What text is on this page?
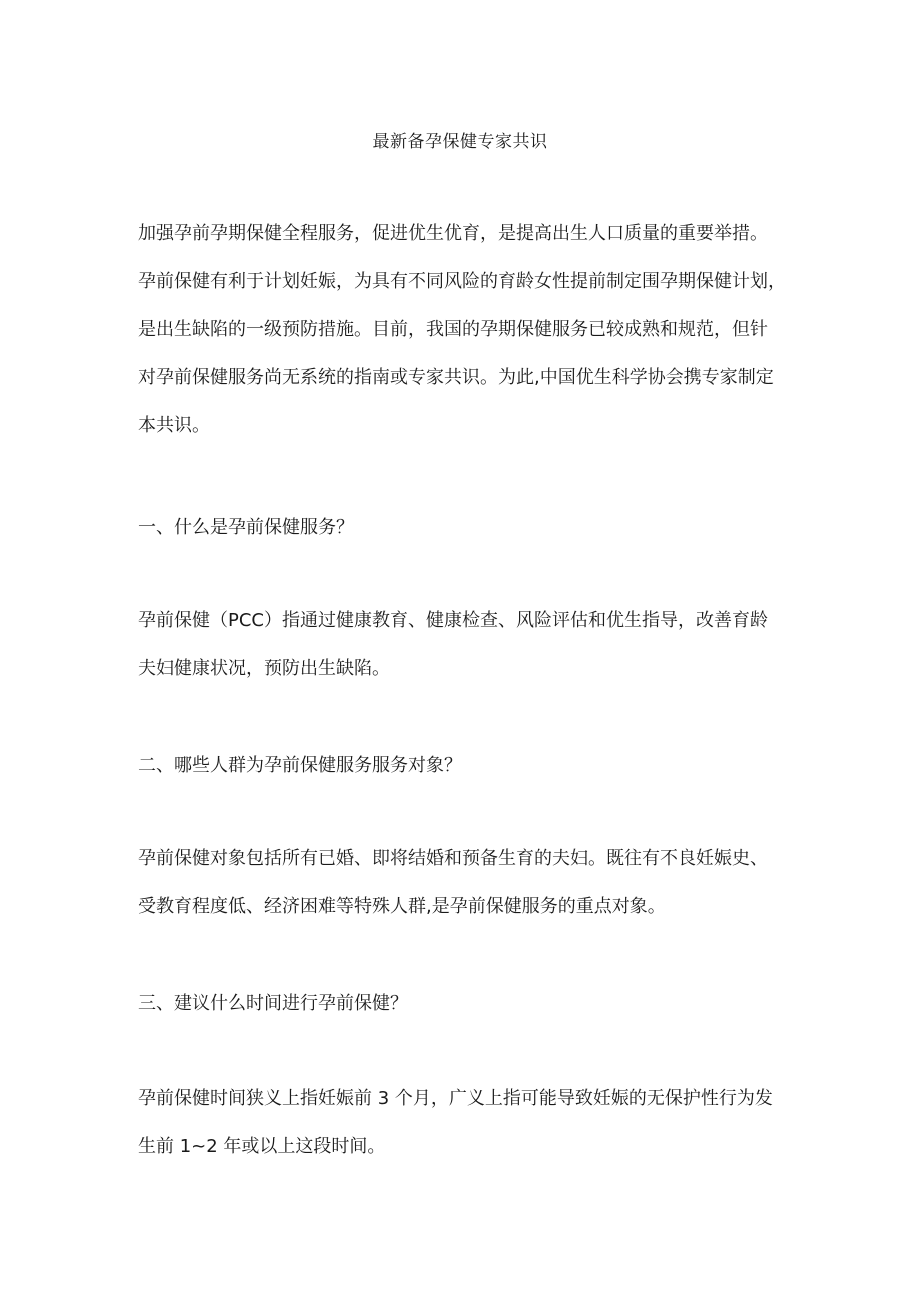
最新备孕保健专家共识

加强孕前孕期保健全程服务，促进优生优育，是提高出生人口质量的重要举措。

孕前保健有利于计划妊娠，为具有不同风险的育龄女性提前制定围孕期保健计划，

是出生缺陷的一级预防措施。目前，我国的孕期保健服务已较成熟和规范，但针

对孕前保健服务尚无系统的指南或专家共识。为此,中国优生科学协会携专家制定

本共识。

一、什么是孕前保健服务？

孕前保健（PCC）指通过健康教育、健康检查、风险评估和优生指导，改善育龄

夫妇健康状况，预防出生缺陷。

二、哪些人群为孕前保健服务服务对象？

孕前保健对象包括所有已婚、即将结婚和预备生育的夫妇。既往有不良妊娠史、

受教育程度低、经济困难等特殊人群,是孕前保健服务的重点对象。

三、建议什么时间进行孕前保健？

孕前保健时间狭义上指妊娠前 3 个月，广义上指可能导致妊娠的无保护性行为发

生前 1~2 年或以上这段时间。
